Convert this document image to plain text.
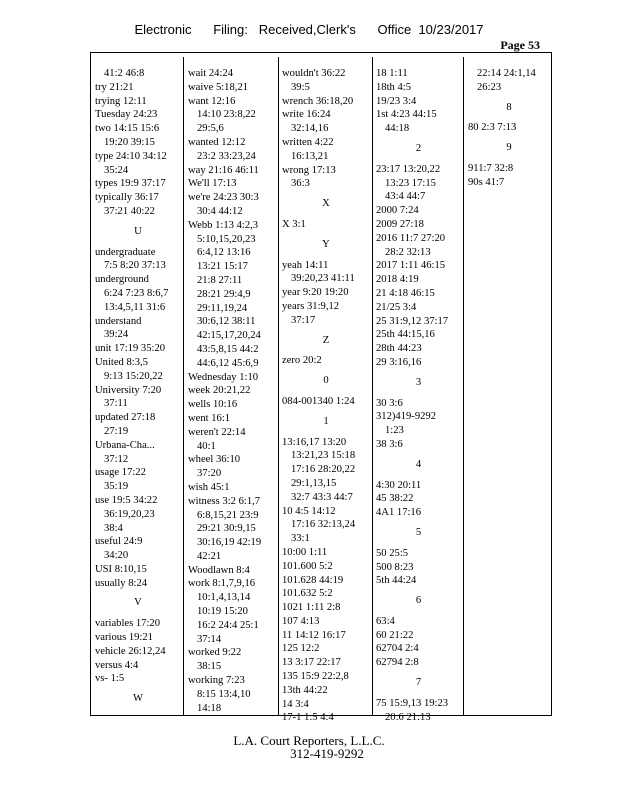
Electronic      Filing:   Received,Clerk's      Office  10/23/2017
Page 53
41:2 46:8
try 21:21
trying 12:11
Tuesday 24:23
two 14:15 15:6
19:20 39:15
type 24:10 34:12
35:24
types 19:9 37:17
typically 36:17
37:21 40:22
U
undergraduate
7:5 8:20 37:13
underground
6:24 7:23 8:6,7
13:4,5,11 31:6
understand
39:24
unit 17:19 35:20
United 8:3,5
9:13 15:20,22
University 7:20
37:11
updated 27:18
27:19
Urbana-Cha...
37:12
usage 17:22
35:19
use 19:5 34:22
36:19,20,23
38:4
useful 24:9
34:20
USI 8:10,15
usually 8:24
V
variables 17:20
various 19:21
vehicle 26:12,24
versus 4:4
vs- 1:5
W
wait 24:24
waive 5:18,21
want 12:16
14:10 23:8,22
29:5,6
wanted 12:12
23:2 33:23,24
way 21:16 46:11
We'll 17:13
we're 24:23 30:3
30:4 44:12
Webb 1:13 4:2,3
5:10,15,20,23
6:4,12 13:16
13:21 15:17
21:8 27:11
28:21 29:4,9
29:11,19,24
30:6,12 38:11
42:15,17,20,24
43:5,8,15 44:2
44:6,12 45:6,9
Wednesday 1:10
week 20:21,22
wells 10:16
went 16:1
weren't 22:14
40:1
wheel 36:10
37:20
wish 45:1
witness 3:2 6:1,7
6:8,15,21 23:9
29:21 30:9,15
30:16,19 42:19
42:21
Woodlawn 8:4
work 8:1,7,9,16
10:1,4,13,14
10:19 15:20
16:2 24:4 25:1
37:14
worked 9:22
38:15
working 7:23
8:15 13:4,10
14:18
wouldn't 36:22
39:5
wrench 36:18,20
write 16:24
32:14,16
written 4:22
16:13,21
wrong 17:13
36:3
X
X 3:1
Y
yeah 14:11
39:20,23 41:11
year 9:20 19:20
years 31:9,12
37:17
Z
zero 20:2
0
084-001340 1:24
1
13:16,17 13:20
13:21,23 15:18
17:16 28:20,22
29:1,13,15
32:7 43:3 44:7
10 4:5 14:12
17:16 32:13,24
33:1
10:00 1:11
101.600 5:2
101.628 44:19
101.632 5:2
1021 1:11 2:8
107 4:13
11 14:12 16:17
125 12:2
13 3:17 22:17
135 15:9 22:2,8
13th 44:22
14 3:4
17-1 1:5 4:4
18 1:11
18th 4:5
19/23 3:4
1st 4:23 44:15
44:18
2
23:17 13:20,22
13:23 17:15
43:4 44:7
2000 7:24
2009 27:18
2016 11:7 27:20
28:2 32:13
2017 1:11 46:15
2018 4:19
21 4:18 46:15
21/25 3:4
25 31:9,12 37:17
25th 44:15,16
28th 44:23
29 3:16,16
3
30 3:6
312)419-9292
1:23
38 3:6
4
4:30 20:11
45 38:22
4A1 17:16
5
50 25:5
500 8:23
5th 44:24
6
63:4
60 21:22
62704 2:4
62794 2:8
7
75 15:9,13 19:23
20:6 21:13
22:14 24:1,14
26:23
8
80 2:3 7:13
9
911:7 32:8
90s 41:7
L.A. Court Reporters, L.L.C.
312-419-9292
